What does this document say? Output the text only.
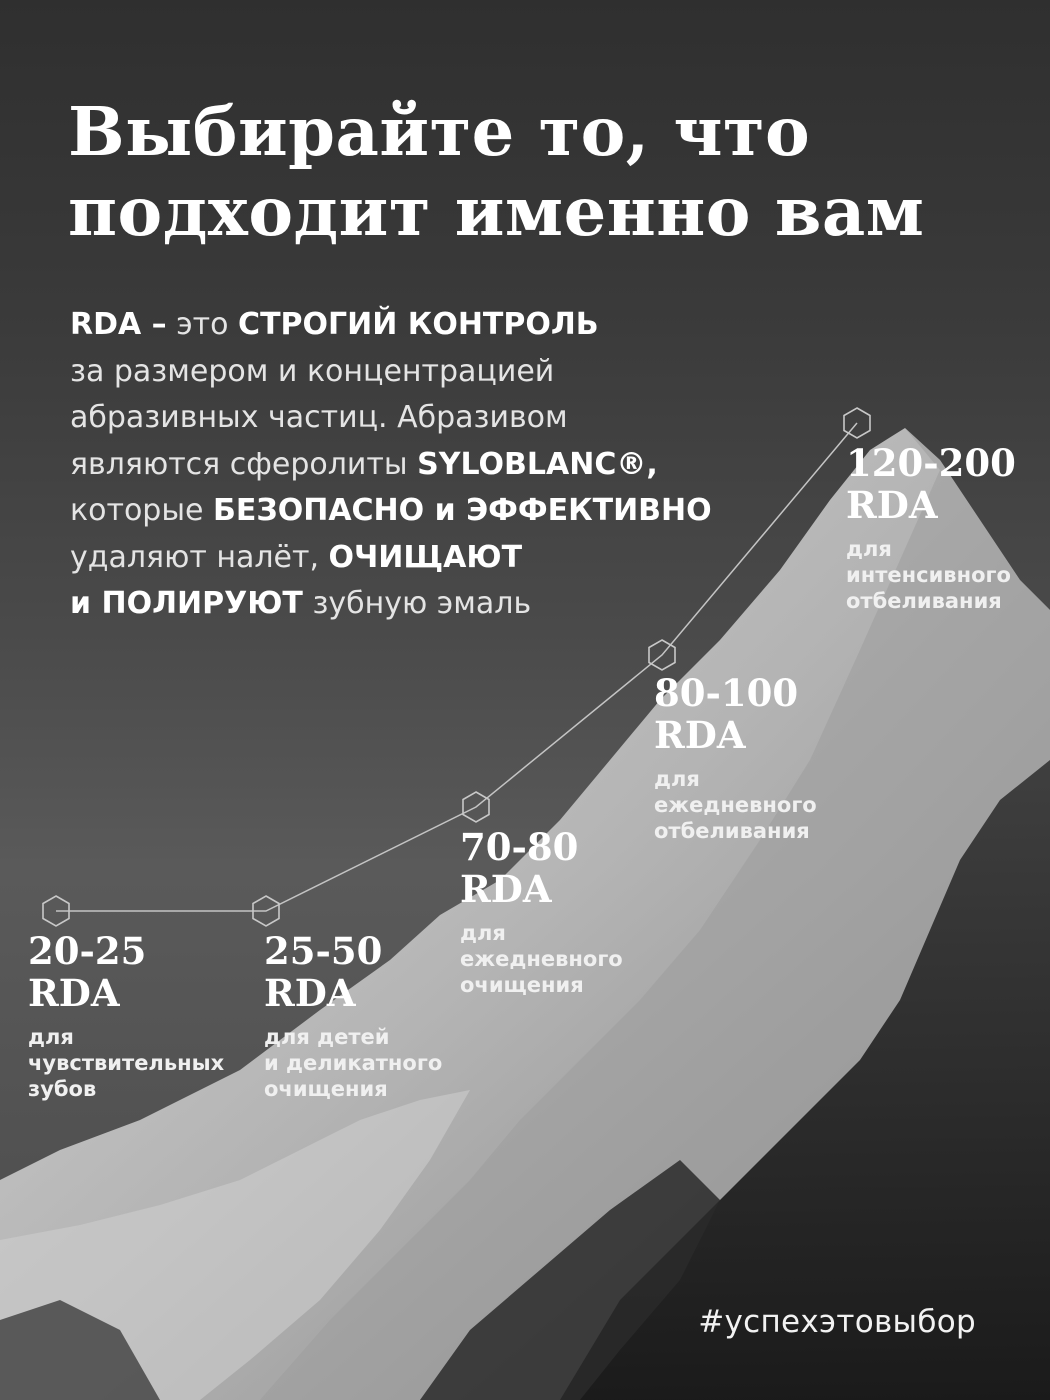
Выбирайте то, что
подходит именно вам

RDA – это СТРОГИЙ КОНТРОЛЬ
за размером и концентрацией
абразивных частиц. Абразивом
являются сферолиты SYLOBLANC®,
которые БЕЗОПАСНО и ЭФФЕКТИВНО
удаляют налёт, ОЧИЩАЮТ
и ПОЛИРУЮТ зубную эмаль

20-25
RDA
для
чувствительных
зубов
25-50
RDA
для детей
и деликатного
очищения
70-80
RDA
для
ежедневного
очищения
80-100
RDA
для
ежедневного
отбеливания
120-200
RDA
для
интенсивного
отбеливания
#успехэтовыбор
